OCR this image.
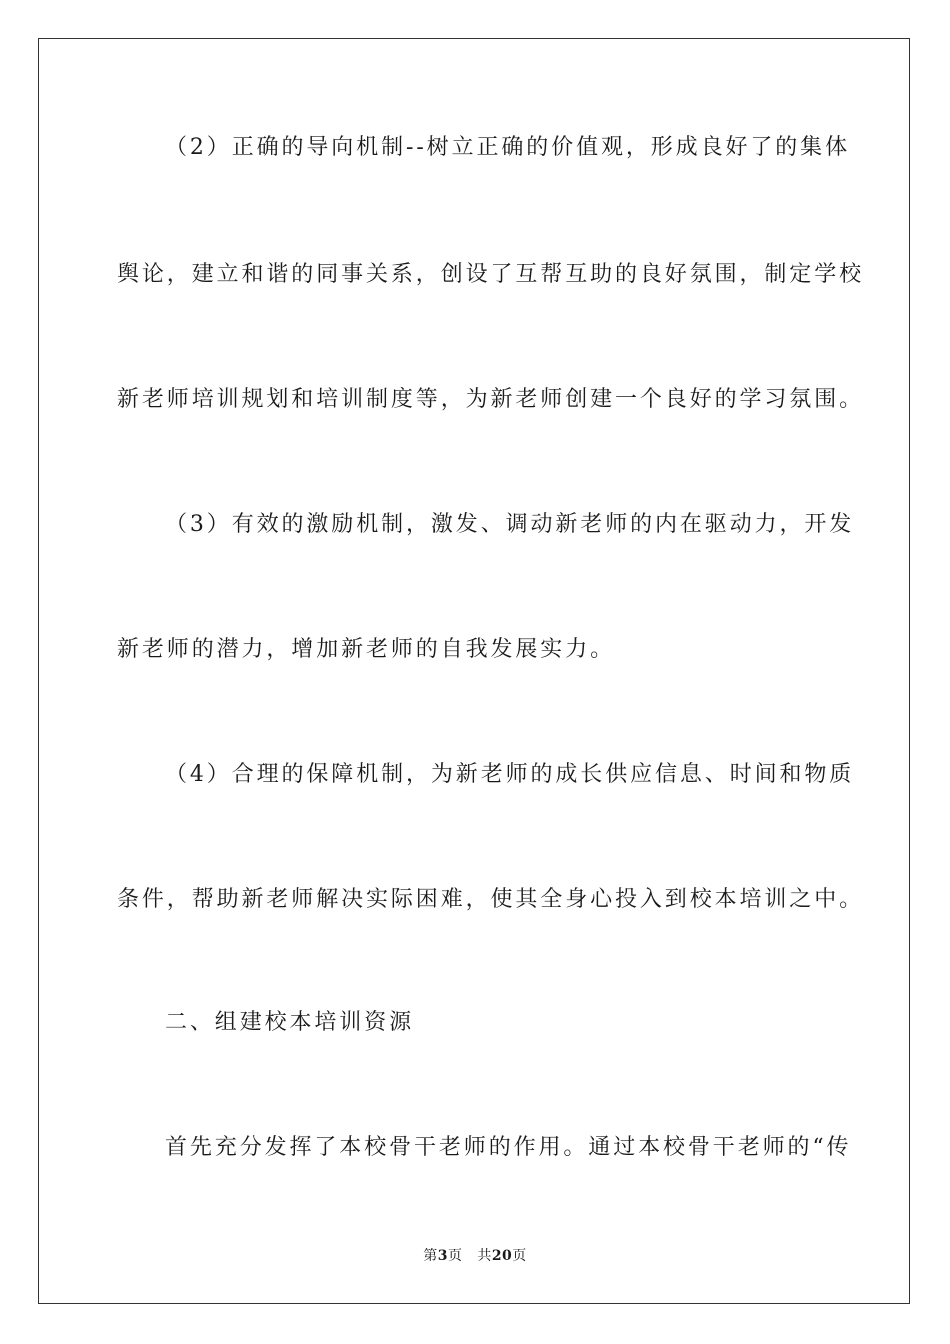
（2）正确的导向机制--树立正确的价值观，形成良好了的集体
舆论，建立和谐的同事关系，创设了互帮互助的良好氛围，制定学校
新老师培训规划和培训制度等，为新老师创建一个良好的学习氛围。
（3）有效的激励机制，激发、调动新老师的内在驱动力，开发
新老师的潜力，增加新老师的自我发展实力。
（4）合理的保障机制，为新老师的成长供应信息、时间和物质
条件，帮助新老师解决实际困难，使其全身心投入到校本培训之中。
二、组建校本培训资源
首先充分发挥了本校骨干老师的作用。通过本校骨干老师的“传
第3页 共20页
